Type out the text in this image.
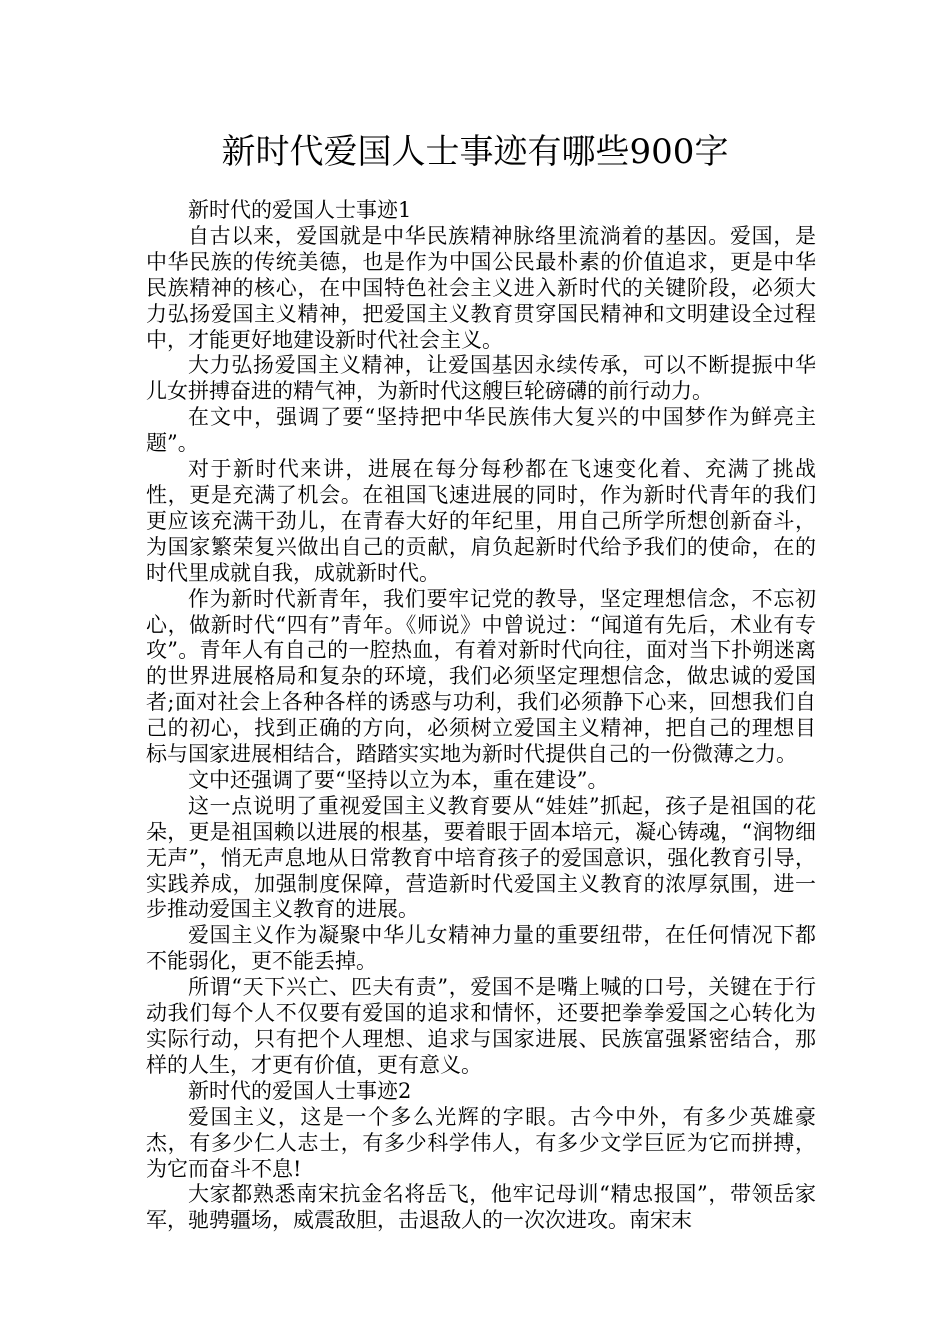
新时代爱国人士事迹有哪些900字

新时代的爱国人士事迹1

自古以来，爱国就是中华民族精神脉络里流淌着的基因。爱国，是中华民族的传统美德，也是作为中国公民最朴素的价值追求，更是中华民族精神的核心，在中国特色社会主义进入新时代的关键阶段，必须大力弘扬爱国主义精神，把爱国主义教育贯穿国民精神和文明建设全过程中，才能更好地建设新时代社会主义。

大力弘扬爱国主义精神，让爱国基因永续传承，可以不断提振中华儿女拼搏奋进的精气神，为新时代这艘巨轮磅礴的前行动力。

在文中，强调了要“坚持把中华民族伟大复兴的中国梦作为鲜亮主题”。

对于新时代来讲，进展在每分每秒都在飞速变化着、充满了挑战性，更是充满了机会。在祖国飞速进展的同时，作为新时代青年的我们更应该充满干劲儿，在青春大好的年纪里，用自己所学所想创新奋斗，为国家繁荣复兴做出自己的贡献，肩负起新时代给予我们的使命，在的时代里成就自我，成就新时代。

作为新时代新青年，我们要牢记党的教导，坚定理想信念，不忘初心，做新时代“四有”青年。《师说》中曾说过：“闻道有先后，术业有专攻”。青年人有自己的一腔热血，有着对新时代向往，面对当下扑朔迷离的世界进展格局和复杂的环境，我们必须坚定理想信念，做忠诚的爱国者;面对社会上各种各样的诱惑与功利，我们必须静下心来，回想我们自己的初心，找到正确的方向，必须树立爱国主义精神，把自己的理想目标与国家进展相结合，踏踏实实地为新时代提供自己的一份微薄之力。

文中还强调了要“坚持以立为本，重在建设”。

这一点说明了重视爱国主义教育要从“娃娃”抓起，孩子是祖国的花朵，更是祖国赖以进展的根基，要着眼于固本培元，凝心铸魂，“润物细无声”，悄无声息地从日常教育中培育孩子的爱国意识，强化教育引导，实践养成，加强制度保障，营造新时代爱国主义教育的浓厚氛围，进一步推动爱国主义教育的进展。

爱国主义作为凝聚中华儿女精神力量的重要纽带，在任何情况下都不能弱化，更不能丢掉。

所谓“天下兴亡、匹夫有责”，爱国不是嘴上喊的口号，关键在于行动我们每个人不仅要有爱国的追求和情怀，还要把拳拳爱国之心转化为实际行动，只有把个人理想、追求与国家进展、民族富强紧密结合，那样的人生，才更有价值，更有意义。

新时代的爱国人士事迹2

爱国主义，这是一个多么光辉的字眼。古今中外，有多少英雄豪杰，有多少仁人志士，有多少科学伟人，有多少文学巨匠为它而拼搏，为它而奋斗不息!

大家都熟悉南宋抗金名将岳飞，他牢记母训“精忠报国”，带领岳家军，驰骋疆场，威震敌胆，击退敌人的一次次进攻。南宋末
